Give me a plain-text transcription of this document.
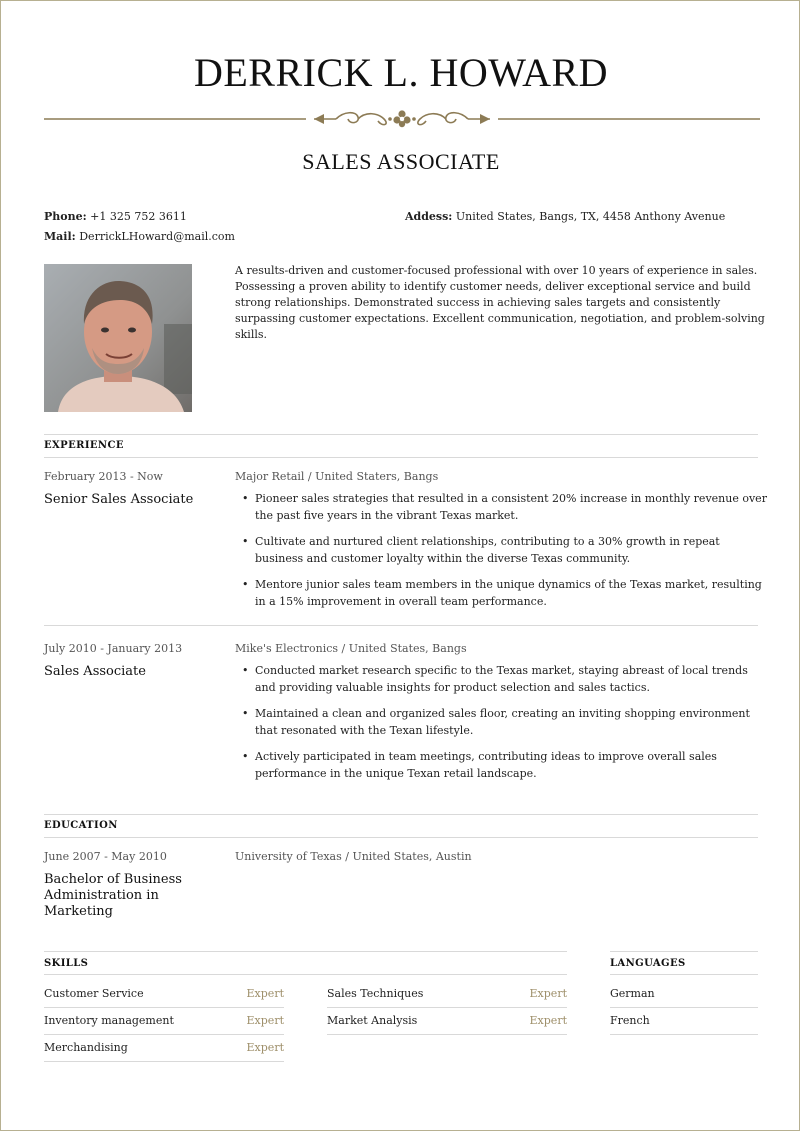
DERRICK L. HOWARD
SALES ASSOCIATE
Phone: +1 325 752 3611
Mail: DerrickLHoward@mail.com
Addess: United States, Bangs, TX, 4458 Anthony Avenue
A results-driven and customer-focused professional with over 10 years of experience in sales. Possessing a proven ability to identify customer needs, deliver exceptional service and build strong relationships. Demonstrated success in achieving sales targets and consistently surpassing customer expectations. Excellent communication, negotiation, and problem-solving skills.
EXPERIENCE
February 2013 - Now
Senior Sales Associate
Major Retail / United Staters, Bangs
• Pioneer sales strategies that resulted in a consistent 20% increase in monthly revenue over the past five years in the vibrant Texas market.
• Cultivate and nurtured client relationships, contributing to a 30% growth in repeat business and customer loyalty within the diverse Texas community.
• Mentore junior sales team members in the unique dynamics of the Texas market, resulting in a 15% improvement in overall team performance.
July 2010 - January 2013
Sales Associate
Mike's Electronics / United States, Bangs
• Conducted market research specific to the Texas market, staying abreast of local trends and providing valuable insights for product selection and sales tactics.
• Maintained a clean and organized sales floor, creating an inviting shopping environment that resonated with the Texan lifestyle.
• Actively participated in team meetings, contributing ideas to improve overall sales performance in the unique Texan retail landscape.
EDUCATION
June 2007 - May 2010
Bachelor of Business Administration in Marketing
University of Texas / United States, Austin
SKILLS
Customer Service	Expert
Inventory management	Expert
Merchandising	Expert
Sales Techniques	Expert
Market Analysis	Expert
LANGUAGES
German
French
